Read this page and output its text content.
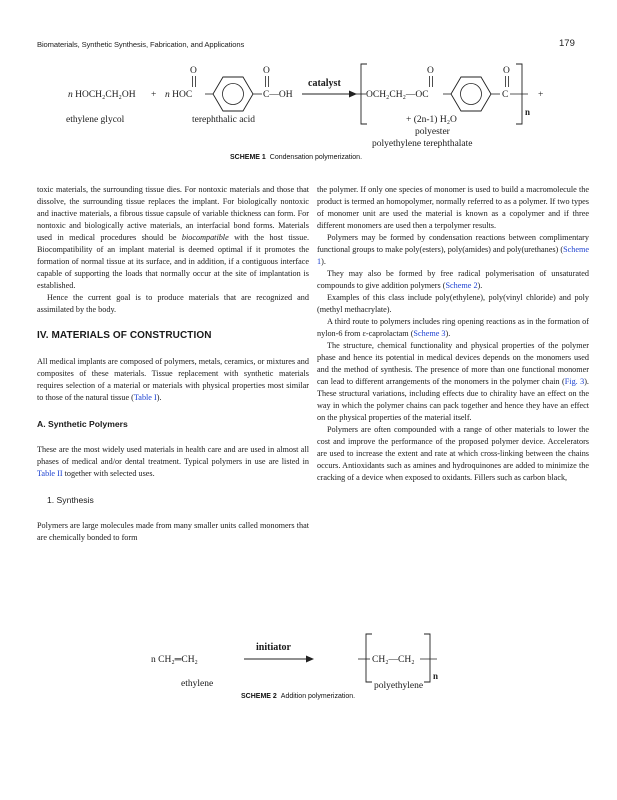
Biomaterials, Synthetic Synthesis, Fabrication, and Applications	179
n HOCH₂CH₂OH + n HOC
O	O
C—OH
catalyst
OCH₂CH₂—OC
O	O
C
n
+
ethylene glycol	terephthalic acid	+ (2n-1) H₂O
polyester
polyethylene terephthalate
SCHEME 1 Condensation polymerization.

toxic materials, the surrounding tissue dies. For nontoxic materials and those that dissolve, the surrounding tissue replaces the implant. For biologically nontoxic and inactive materials, a fibrous tissue capsule of variable thickness can form. For nontoxic and biologically active materials, an interfacial bond forms. Materials used in medical procedures should be biocompatible with the host tissue. Biocompatibility of an implant material is deemed optimal if it promotes the formation of normal tissue at its surface, and in addition, if a contiguous interface capable of supporting the loads that normally occur at the site of implantation is established.

Hence the current goal is to produce materials that are recognized and assimilated by the body.

IV. MATERIALS OF CONSTRUCTION

All medical implants are composed of polymers, metals, ceramics, or mixtures and composites of these materials. Tissue replacement with synthetic materials requires selection of a material or materials with physical properties most similar to those of the natural tissue (Table I).

A. Synthetic Polymers

These are the most widely used materials in health care and are used in almost all phases of medical and/or dental treatment. Typical polymers in use are listed in Table II together with selected uses.

1. Synthesis

Polymers are large molecules made from many smaller units called monomers that are chemically bonded to form

the polymer. If only one species of monomer is used to build a macromolecule the product is termed an homopolymer, normally referred to as a polymer. If two types of monomer unit are used the material is known as a copolymer and if three different monomers are used then a terpolymer results.

Polymers may be formed by condensation reactions between complimentary functional groups to make poly(esters), poly(amides) and poly(urethanes) (Scheme 1).

They may also be formed by free radical polymerisation of unsaturated compounds to give addition polymers (Scheme 2).

Examples of this class include poly(ethylene), poly(vinyl chloride) and poly (methyl methacrylate).

A third route to polymers includes ring opening reactions as in the formation of nylon-6 from ε-caprolactam (Scheme 3).

The structure, chemical functionality and physical properties of the polymer phase and hence its potential in medical devices depends on the monomers used and the method of synthesis. The presence of more than one functional monomer can lead to different arrangements of the monomers in the polymer chain (Fig. 3). These structural variations, including effects due to chirality have an effect on the way in which the polymer chains can pack together and hence they have an effect on the physical properties of the material itself.

Polymers are often compounded with a range of other materials to lower the cost and improve the performance of the proposed polymer device. Accelerators are used to increase the extent and rate at which cross-linking between the chains occurs. Antioxidants such as amines and hydroquinones are added to minimize the cracking of a device when exposed to oxidants. Fillers such as carbon black,

n CH₂═CH₂
initiator
CH₂—CH₂
n
ethylene	polyethylene
SCHEME 2 Addition polymerization.
